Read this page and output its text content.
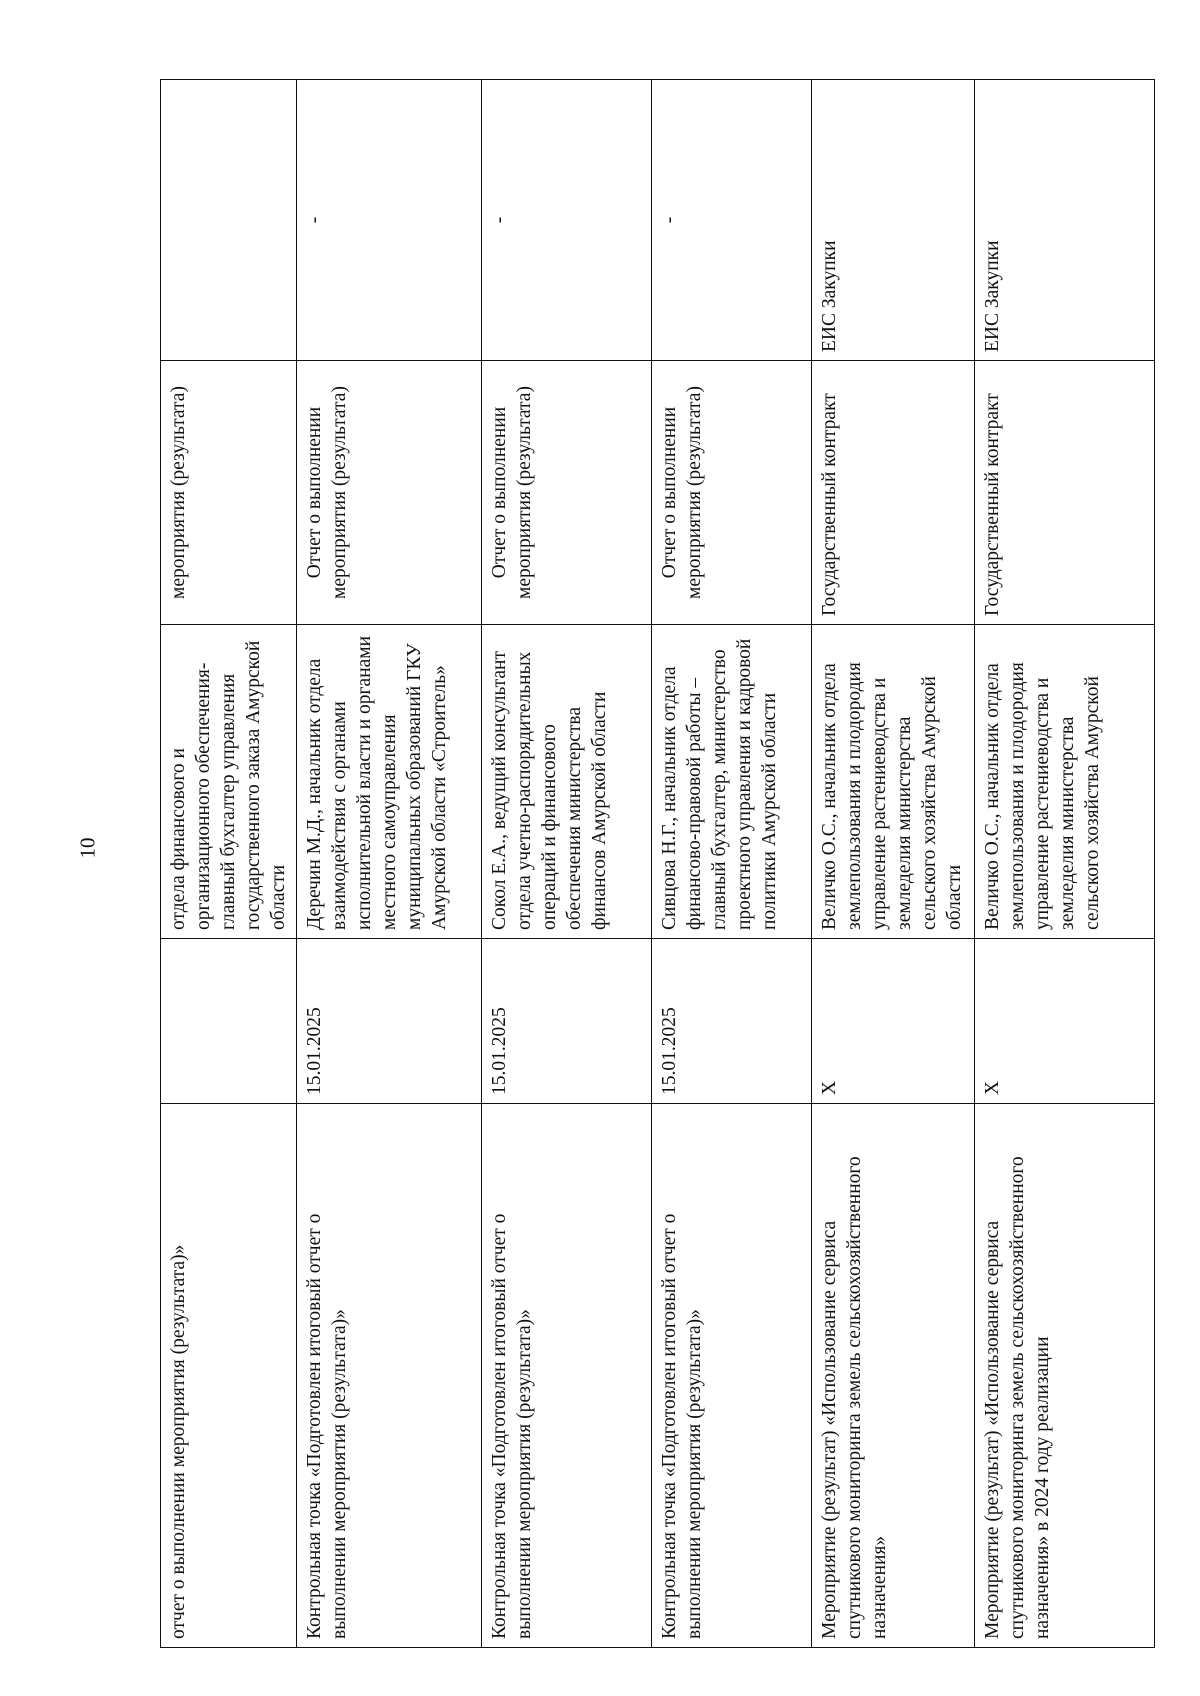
10
отчет о выполнении мероприятия (результата)»		отдела финансового и организационного обеспечения-главный бухгалтер управления государственного заказа Амурской области	мероприятия (результата)	
Контрольная точка «Подготовлен итоговый отчет о выполнении мероприятия (результата)»	15.01.2025	Деречин М.Д., начальник отдела взаимодействия с органами исполнительной власти и органами местного самоуправления муниципальных образований ГКУ Амурской области «Строитель»	Отчет о выполнении мероприятия (результата)	-
Контрольная точка «Подготовлен итоговый отчет о выполнении мероприятия (результата)»	15.01.2025	Сокол Е.А., ведущий консультант отдела учетно-распорядительных операций и финансового обеспечения министерства финансов Амурской области	Отчет о выполнении мероприятия (результата)	-
Контрольная точка «Подготовлен итоговый отчет о выполнении мероприятия (результата)»	15.01.2025	Сивцова Н.Г., начальник отдела финансово-правовой работы – главный бухгалтер, министерство проектного управления и кадровой политики Амурской области	Отчет о выполнении мероприятия (результата)	-
Мероприятие (результат) «Использование сервиса спутникового мониторинга земель сельскохозяйственного назначения»	X	Величко О.С., начальник отдела землепользования и плодородия управление растениеводства и земледелия министерства сельского хозяйства Амурской области	Государственный контракт	ЕИС Закупки
Мероприятие (результат) «Использование сервиса спутникового мониторинга земель сельскохозяйственного назначения» в 2024 году реализации	X	Величко О.С., начальник отдела землепользования и плодородия управление растениеводства и земледелия министерства сельского хозяйства Амурской	Государственный контракт	ЕИС Закупки
